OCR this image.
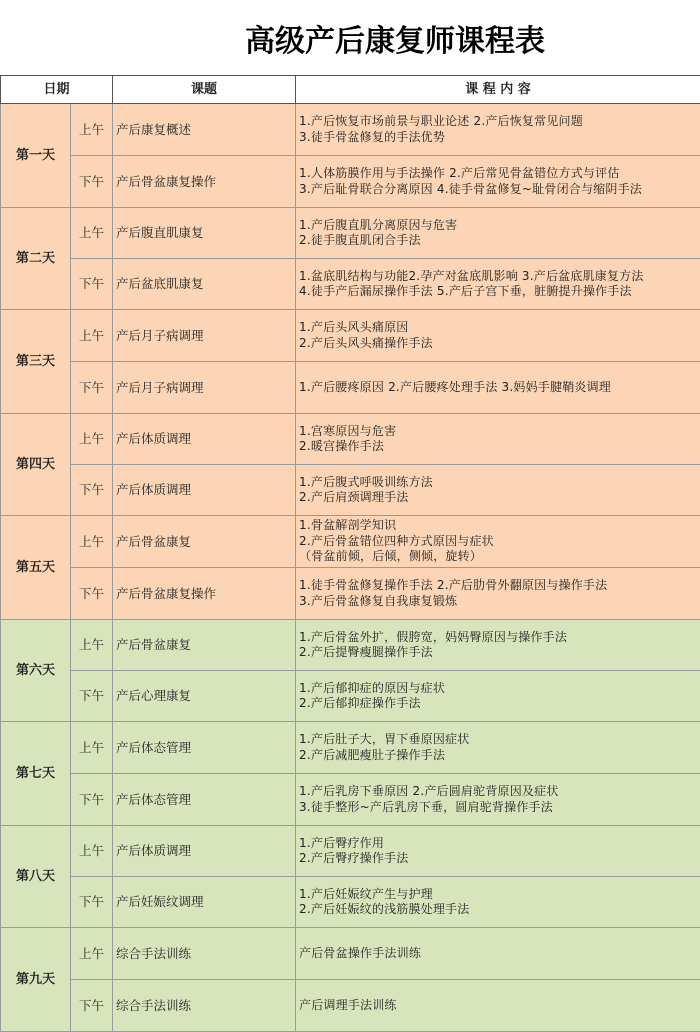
高级产后康复师课程表
日期		课题	课 程 内 容
第一天	上午	产后康复概述	1.产后恢复市场前景与职业论述 2.产后恢复常见问题
3.徒手骨盆修复的手法优势
	下午	产后骨盆康复操作	1.人体筋膜作用与手法操作 2.产后常见骨盆错位方式与评估
3.产后耻骨联合分离原因 4.徒手骨盆修复~耻骨闭合与缩阴手法
第二天	上午	产后腹直肌康复	1.产后腹直肌分离原因与危害
2.徒手腹直肌闭合手法
	下午	产后盆底肌康复	1.盆底肌结构与功能2.孕产对盆底肌影响 3.产后盆底肌康复方法
4.徒手产后漏尿操作手法 5.产后子宫下垂，脏腑提升操作手法
第三天	上午	产后月子病调理	1.产后头风头痛原因
2.产后头风头痛操作手法
	下午	产后月子病调理	1.产后腰疼原因 2.产后腰疼处理手法 3.妈妈手腱鞘炎调理
第四天	上午	产后体质调理	1.宫寒原因与危害
2.暖宫操作手法
	下午	产后体质调理	1.产后腹式呼吸训练方法
2.产后肩颈调理手法
第五天	上午	产后骨盆康复	1.骨盆解剖学知识
2.产后骨盆错位四种方式原因与症状
（骨盆前倾，后倾，侧倾，旋转）
	下午	产后骨盆康复操作	1.徒手骨盆修复操作手法 2.产后肋骨外翻原因与操作手法
3.产后骨盆修复自我康复锻炼
第六天	上午	产后骨盆康复	1.产后骨盆外扩，假胯宽，妈妈臀原因与操作手法
2.产后提臀瘦腿操作手法
	下午	产后心理康复	1.产后郁抑症的原因与症状
2.产后郁抑症操作手法
第七天	上午	产后体态管理	1.产后肚子大，胃下垂原因症状
2.产后减肥瘦肚子操作手法
	下午	产后体态管理	1.产后乳房下垂原因 2.产后圆肩驼背原因及症状
3.徒手整形~产后乳房下垂，圆肩驼背操作手法
第八天	上午	产后体质调理	1.产后臀疗作用
2.产后臀疗操作手法
	下午	产后妊娠纹调理	1.产后妊娠纹产生与护理
2.产后妊娠纹的浅筋膜处理手法
第九天	上午	综合手法训练	产后骨盆操作手法训练
	下午	综合手法训练	产后调理手法训练
